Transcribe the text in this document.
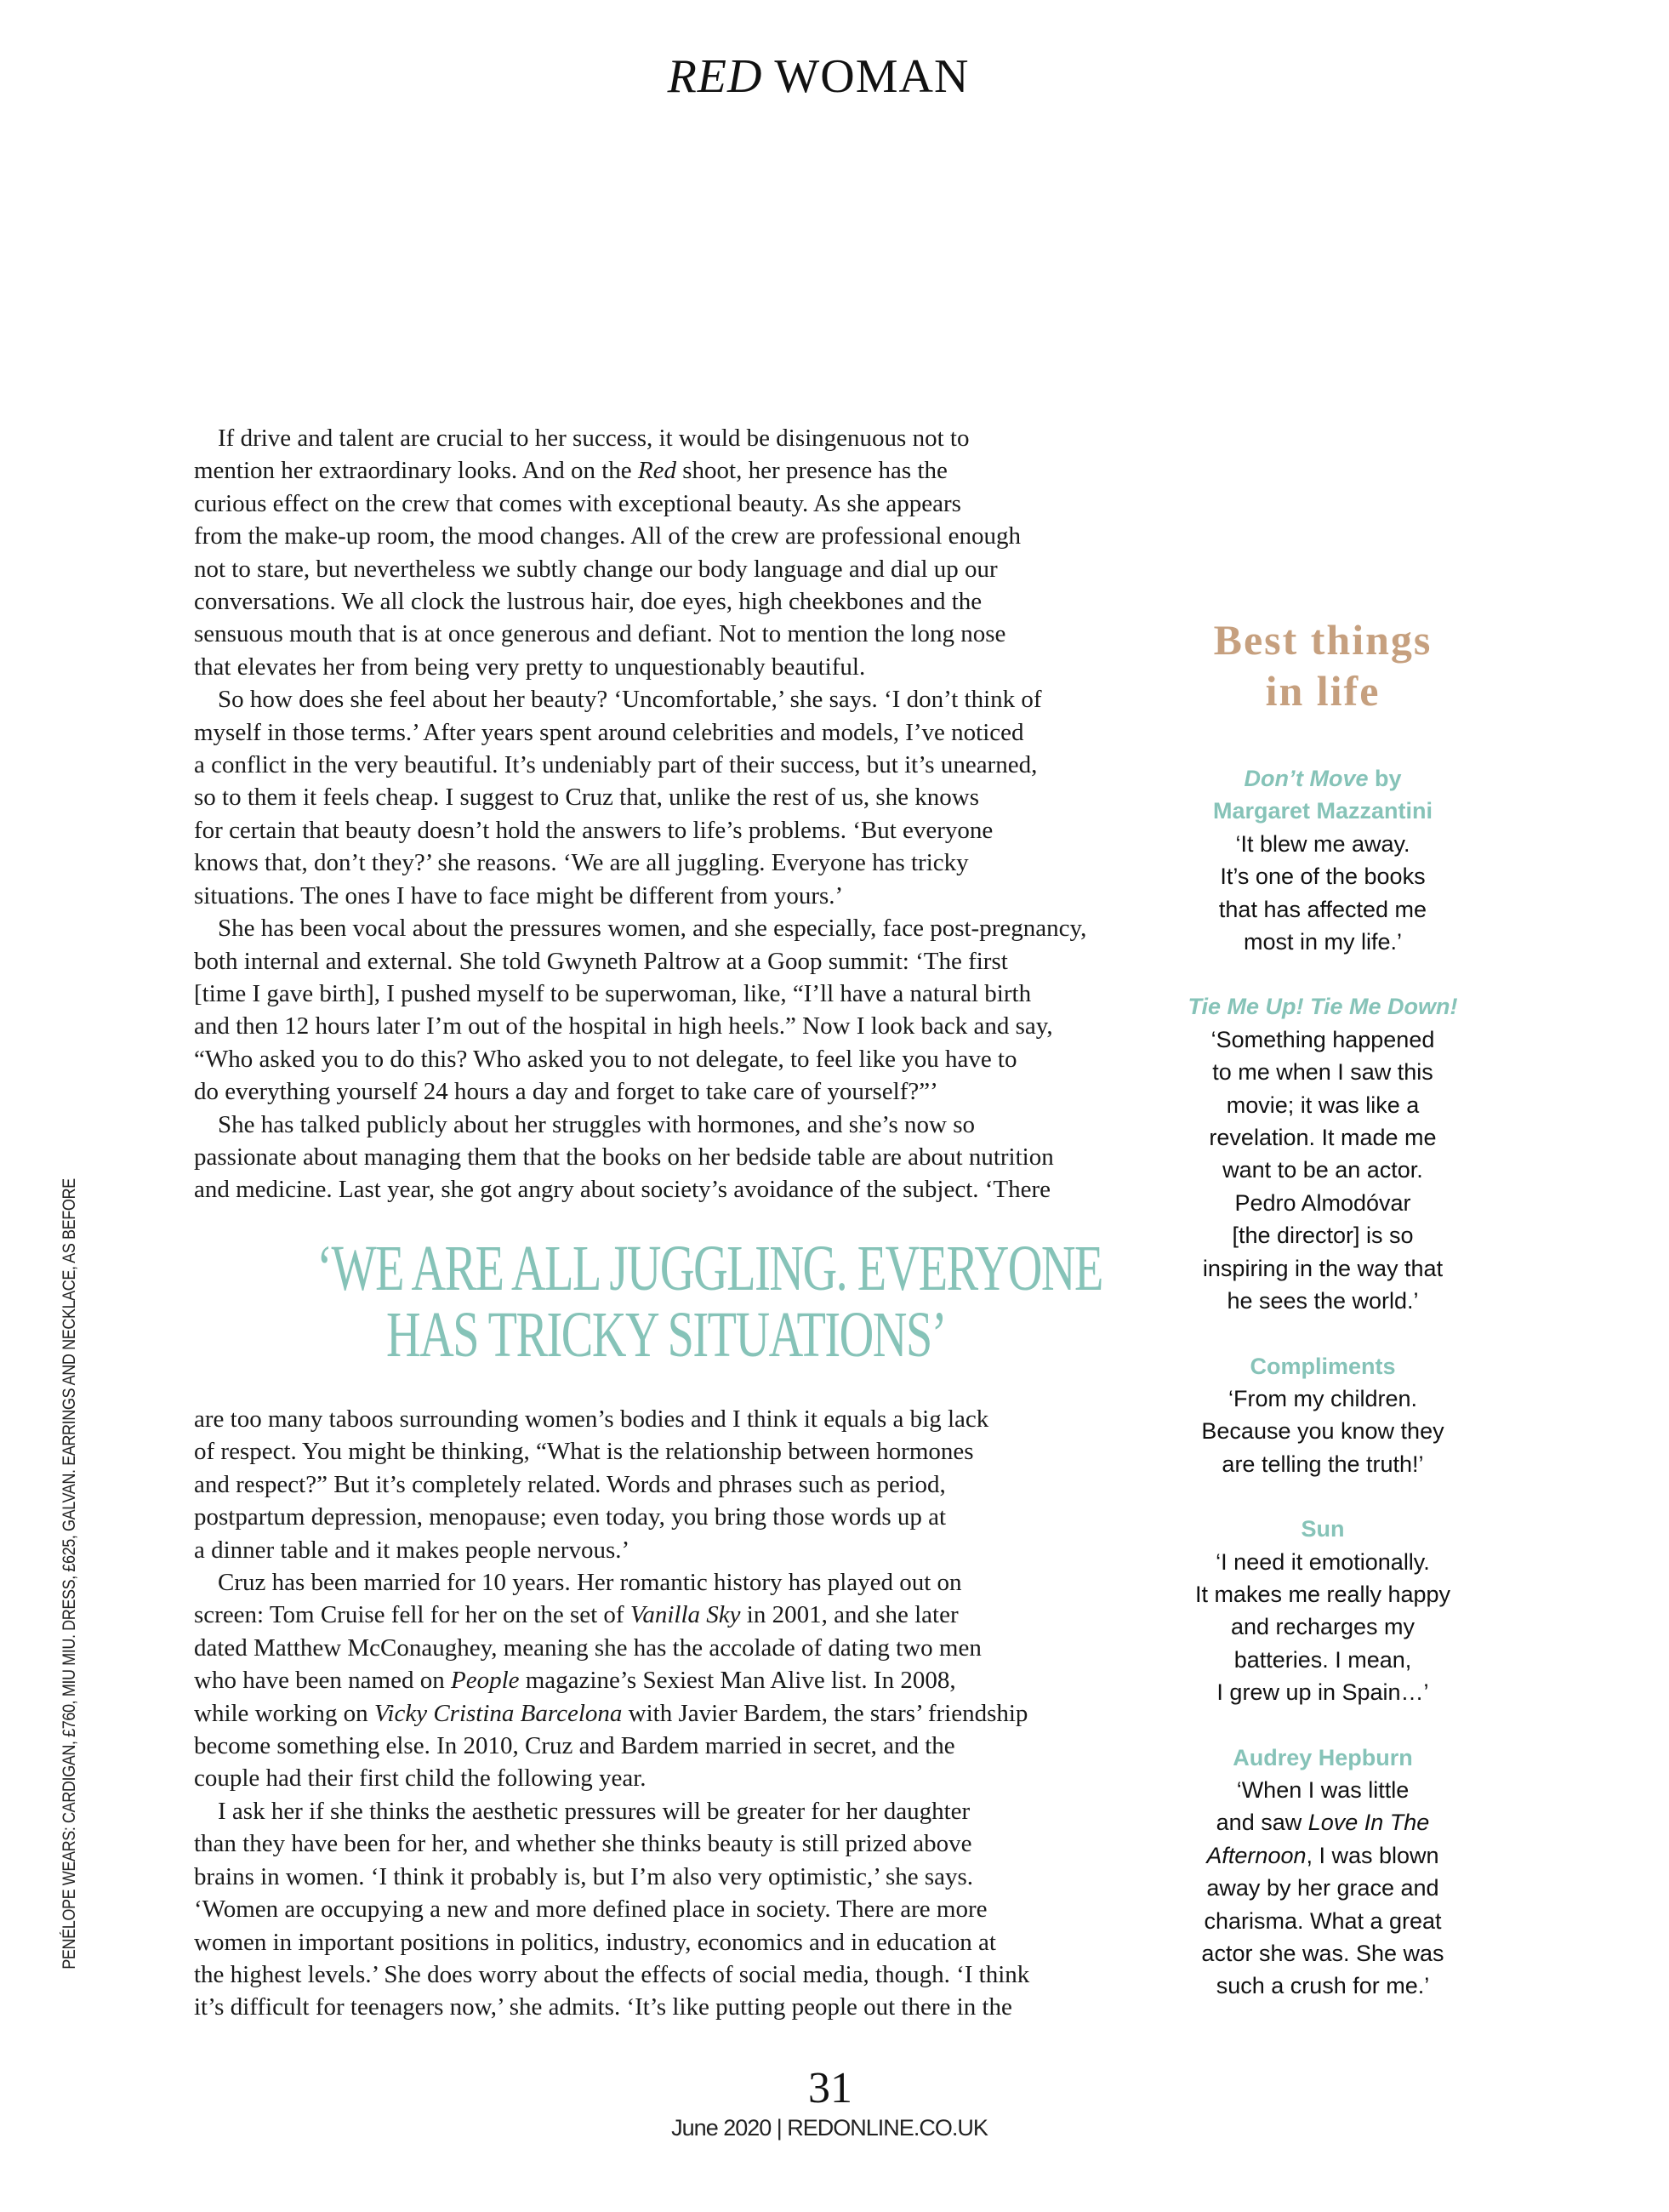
RED WOMAN
PENÉLOPE WEARS: CARDIGAN, £760, MIU MIU. DRESS, £625, GALVAN. EARRINGS AND NECKLACE, AS BEFORE
If drive and talent are crucial to her success, it would be disingenuous not to
mention her extraordinary looks. And on the Red shoot, her presence has the
curious effect on the crew that comes with exceptional beauty. As she appears
from the make-up room, the mood changes. All of the crew are professional enough
not to stare, but nevertheless we subtly change our body language and dial up our
conversations. We all clock the lustrous hair, doe eyes, high cheekbones and the
sensuous mouth that is at once generous and defiant. Not to mention the long nose
that elevates her from being very pretty to unquestionably beautiful.
So how does she feel about her beauty? ‘Uncomfortable,’ she says. ‘I don’t think of
myself in those terms.’ After years spent around celebrities and models, I’ve noticed
a conflict in the very beautiful. It’s undeniably part of their success, but it’s unearned,
so to them it feels cheap. I suggest to Cruz that, unlike the rest of us, she knows
for certain that beauty doesn’t hold the answers to life’s problems. ‘But everyone
knows that, don’t they?’ she reasons. ‘We are all juggling. Everyone has tricky
situations. The ones I have to face might be different from yours.’
She has been vocal about the pressures women, and she especially, face post-pregnancy,
both internal and external. She told Gwyneth Paltrow at a Goop summit: ‘The first
[time I gave birth], I pushed myself to be superwoman, like, “I’ll have a natural birth
and then 12 hours later I’m out of the hospital in high heels.” Now I look back and say,
“Who asked you to do this? Who asked you to not delegate, to feel like you have to
do everything yourself 24 hours a day and forget to take care of yourself?”’
She has talked publicly about her struggles with hormones, and she’s now so
passionate about managing them that the books on her bedside table are about nutrition
and medicine. Last year, she got angry about society’s avoidance of the subject. ‘There
‘WE ARE ALL JUGGLING. EVERYONE
HAS TRICKY SITUATIONS’
are too many taboos surrounding women’s bodies and I think it equals a big lack
of respect. You might be thinking, “What is the relationship between hormones
and respect?” But it’s completely related. Words and phrases such as period,
postpartum depression, menopause; even today, you bring those words up at
a dinner table and it makes people nervous.’
Cruz has been married for 10 years. Her romantic history has played out on
screen: Tom Cruise fell for her on the set of Vanilla Sky in 2001, and she later
dated Matthew McConaughey, meaning she has the accolade of dating two men
who have been named on People magazine’s Sexiest Man Alive list. In 2008,
while working on Vicky Cristina Barcelona with Javier Bardem, the stars’ friendship
become something else. In 2010, Cruz and Bardem married in secret, and the
couple had their first child the following year.
I ask her if she thinks the aesthetic pressures will be greater for her daughter
than they have been for her, and whether she thinks beauty is still prized above
brains in women. ‘I think it probably is, but I’m also very optimistic,’ she says.
‘Women are occupying a new and more defined place in society. There are more
women in important positions in politics, industry, economics and in education at
the highest levels.’ She does worry about the effects of social media, though. ‘I think
it’s difficult for teenagers now,’ she admits. ‘It’s like putting people out there in the
Best things
in life
Don’t Move by
Margaret Mazzantini
‘It blew me away.
It’s one of the books
that has affected me
most in my life.’
Tie Me Up! Tie Me Down!
‘Something happened
to me when I saw this
movie; it was like a
revelation. It made me
want to be an actor.
Pedro Almodóvar
[the director] is so
inspiring in the way that
he sees the world.’
Compliments
‘From my children.
Because you know they
are telling the truth!’
Sun
‘I need it emotionally.
It makes me really happy
and recharges my
batteries. I mean,
I grew up in Spain…’
Audrey Hepburn
‘When I was little
and saw Love In The
Afternoon, I was blown
away by her grace and
charisma. What a great
actor she was. She was
such a crush for me.’
31
June 2020 | REDONLINE.CO.UK
